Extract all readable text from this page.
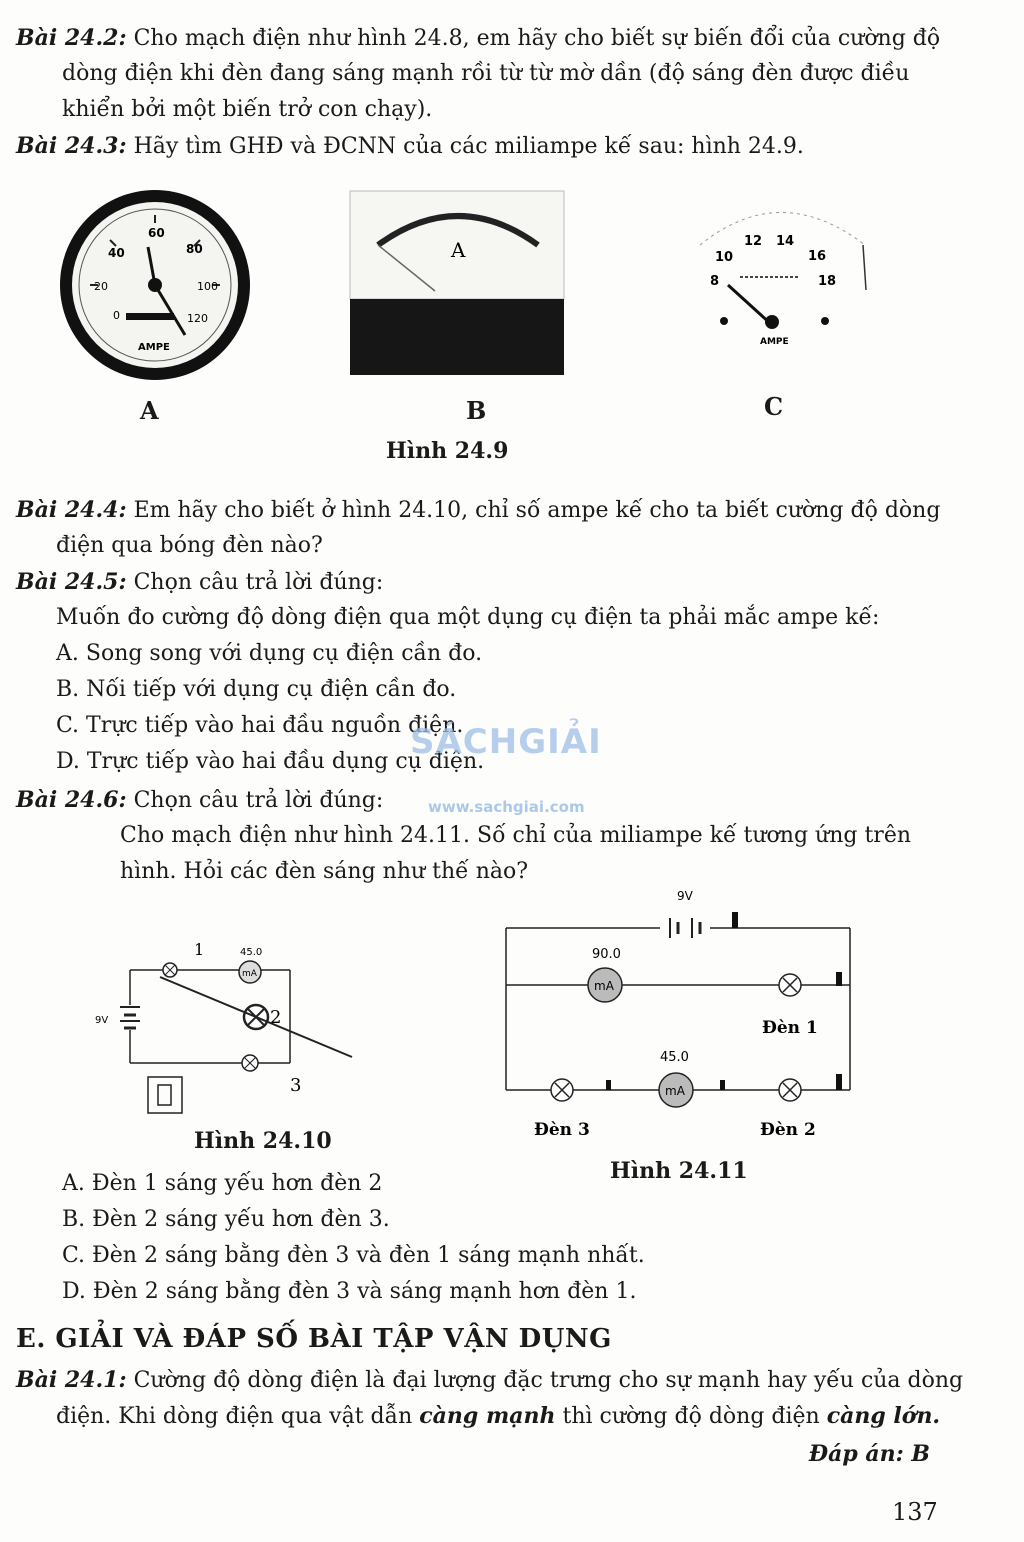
Bài 24.2: Cho mạch điện như hình 24.8, em hãy cho biết sự biến đổi của cường độ
dòng điện khi đèn đang sáng mạnh rồi từ từ mờ dần (độ sáng đèn được điều
khiển bởi một biến trở con chạy).
Bài 24.3: Hãy tìm GHĐ và ĐCNN của các miliampe kế sau: hình 24.9.
0
20
40
60
80
100
120
AMPE
A	10
12 14
16
8	18
AMPE
A	B	C
Hình 24.9
Bài 24.4: Em hãy cho biết ở hình 24.10, chỉ số ampe kế cho ta biết cường độ dòng
điện qua bóng đèn nào?
Bài 24.5: Chọn câu trả lời đúng:
Muốn đo cường độ dòng điện qua một dụng cụ điện ta phải mắc ampe kế:
A. Song song với dụng cụ điện cần đo.
B. Nối tiếp với dụng cụ điện cần đo.
C. Trực tiếp vào hai đầu nguồn điện.
D. Trực tiếp vào hai đầu dụng cụ điện.
SÁCHGIẢI
www.sachgiai.com
Bài 24.6: Chọn câu trả lời đúng:
Cho mạch điện như hình 24.11. Số chỉ của miliampe kế tương ứng trên
hình. Hỏi các đèn sáng như thế nào?
9V
1
mA
45.0
2
3
Hình 24.10
9V
mA
90.0
Đèn 1
mA
45.0
Đèn 3	Đèn 2
Hình 24.11
A. Đèn 1 sáng yếu hơn đèn 2
B. Đèn 2 sáng yếu hơn đèn 3.
C. Đèn 2 sáng bằng đèn 3 và đèn 1 sáng mạnh nhất.
D. Đèn 2 sáng bằng đèn 3 và sáng mạnh hơn đèn 1.
E. GIẢI VÀ ĐÁP SỐ BÀI TẬP VẬN DỤNG
Bài 24.1: Cường độ dòng điện là đại lượng đặc trưng cho sự mạnh hay yếu của dòng
điện. Khi dòng điện qua vật dẫn càng mạnh thì cường độ dòng điện càng lớn.
Đáp án: B
137
